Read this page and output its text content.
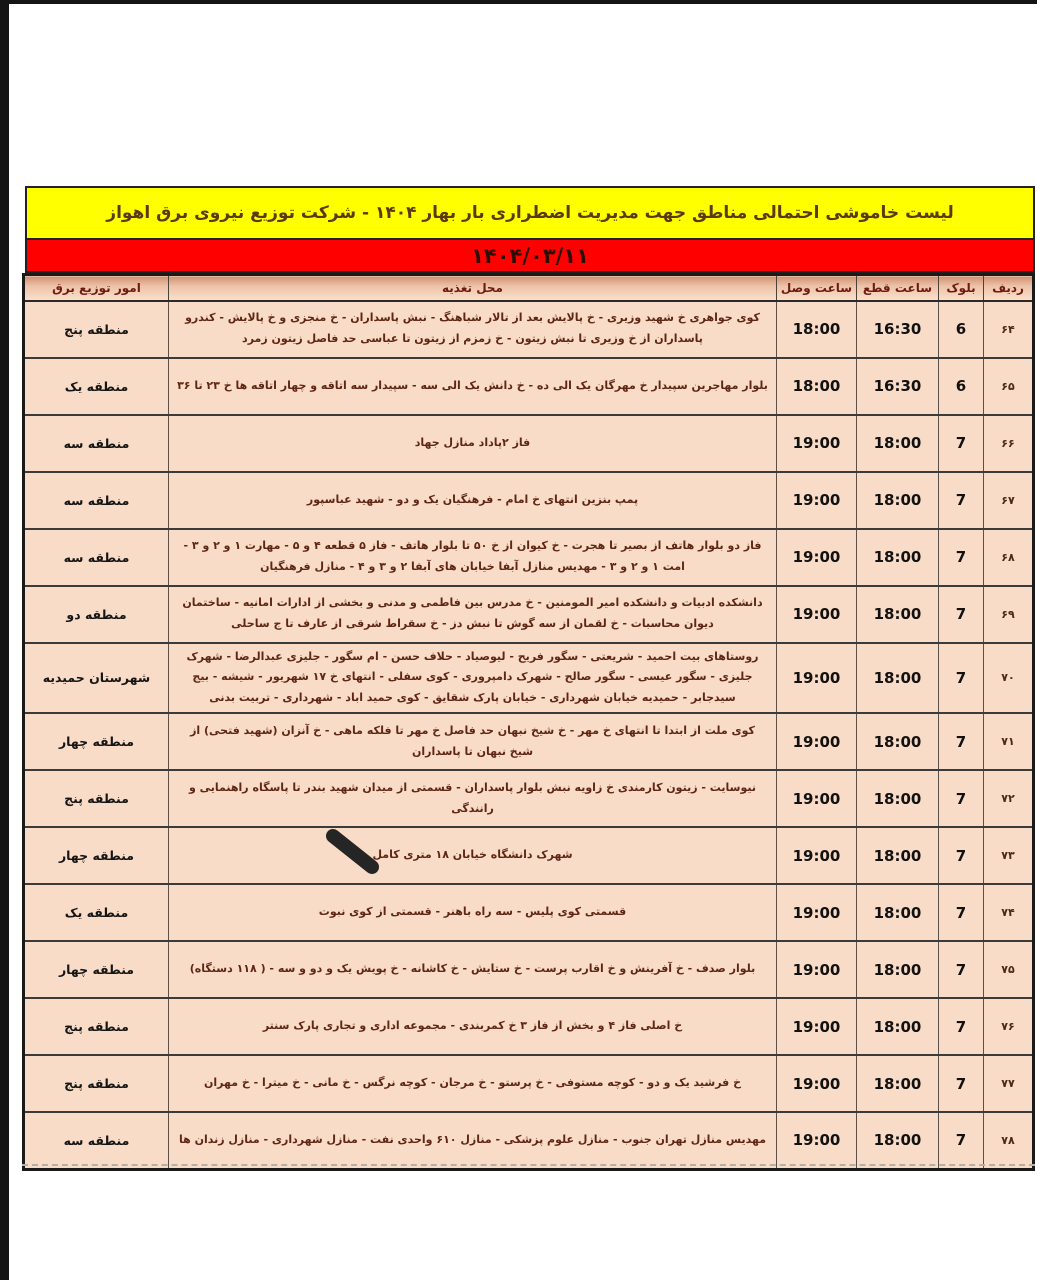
لیست خاموشی احتمالی مناطق جهت مدیریت اضطراری بار بهار ۱۴۰۴ - شرکت توزیع نیروی برق اهواز
۱۴۰۴/۰۳/۱۱
ردیف	بلوک	ساعت قطع	ساعت وصل	محل تغذیه	امور توزیع برق
۶۴	6	16:30	18:00	کوی جواهری خ شهید وزیری - خ پالایش بعد از تالار شباهنگ - نبش پاسداران - خ منجزی و خ پالایش - کندرو پاسداران از خ وزیری تا نبش زیتون - خ زمزم از زیتون تا عباسی حد فاصل زیتون زمرد	منطقه پنج
۶۵	6	16:30	18:00	بلوار مهاجرین سپیدار خ مهرگان یک الی ده - خ دانش یک الی سه - سپیدار سه اتاقه و چهار اتاقه ها خ ۲۳ تا ۳۶	منطقه یک
۶۶	7	18:00	19:00	فاز ۲پاداد منازل جهاد	منطقه سه
۶۷	7	18:00	19:00	پمپ بنزین انتهای خ امام - فرهنگیان یک و دو - شهید عباسپور	منطقه سه
۶۸	7	18:00	19:00	فاز دو بلوار هاتف از بصیر تا هجرت - خ کیوان از خ ۵۰ تا بلوار هاتف - فاز ۵ قطعه ۴ و ۵ - مهارت ۱ و ۲ و ۳ - امت ۱ و ۲ و ۳ - مهدیس منازل آبفا خیابان های آبفا ۲ و ۳ و ۴ - منازل فرهنگیان	منطقه سه
۶۹	7	18:00	19:00	دانشکده ادبیات و دانشکده امیر المومنین - خ مدرس بین فاطمی و مدنی و بخشی از ادارات امانیه - ساختمان دیوان محاسبات - خ لقمان از سه گوش تا نبش دز - خ سقراط شرقی از عارف تا ج ساحلی	منطقه دو
۷۰	7	18:00	19:00	روستاهای بیت احمید - شریعتی - سگور فریح - لیوصیاد - حلاف حسن - ام سگور - جلیزی عبدالرضا - شهرک جلیزی - سگور عیسی - سگور صالح - شهرک دامپروری - کوی سفلی - انتهای خ ۱۷ شهریور - شیشه - بیج سیدجابر - حمیدیه خیابان شهرداری - خیابان پارک شقایق - کوی حمید اباد - شهرداری - تربیت بدنی	شهرستان حمیدیه
۷۱	7	18:00	19:00	کوی ملت از ابتدا تا انتهای خ مهر - خ شیخ نبهان حد فاصل خ مهر تا فلکه ماهی - خ آنزان (شهید فتحی) از شیخ نبهان تا پاسداران	منطقه چهار
۷۲	7	18:00	19:00	نیوسایت - زیتون کارمندی خ زاویه نبش بلوار پاسداران - قسمتی از میدان شهید بندر تا پاسگاه راهنمایی و رانندگی	منطقه پنج
۷۳	7	18:00	19:00	شهرک دانشگاه خیابان ۱۸ متری کامل	منطقه چهار
۷۴	7	18:00	19:00	قسمتی کوی پلیس - سه راه باهنر - قسمتی از کوی نبوت	منطقه یک
۷۵	7	18:00	19:00	بلوار صدف - خ آفرینش و خ اقارب پرست - خ ستایش - خ کاشانه - خ پویش یک و دو و سه - ( ۱۱۸ دستگاه)	منطقه چهار
۷۶	7	18:00	19:00	خ اصلی فاز ۴ و بخش از فاز ۳ خ کمربندی - مجموعه اداری و تجاری پارک سنتر	منطقه پنج
۷۷	7	18:00	19:00	خ فرشید یک و دو - کوچه مستوفی - خ پرستو - خ مرجان - کوچه نرگس - خ مانی - خ میترا - خ مهران	منطقه پنج
۷۸	7	18:00	19:00	مهدیس منازل تهران جنوب - منازل علوم پزشکی - منازل ۶۱۰ واحدی نفت - منازل شهرداری - منازل زندان ها	منطقه سه
